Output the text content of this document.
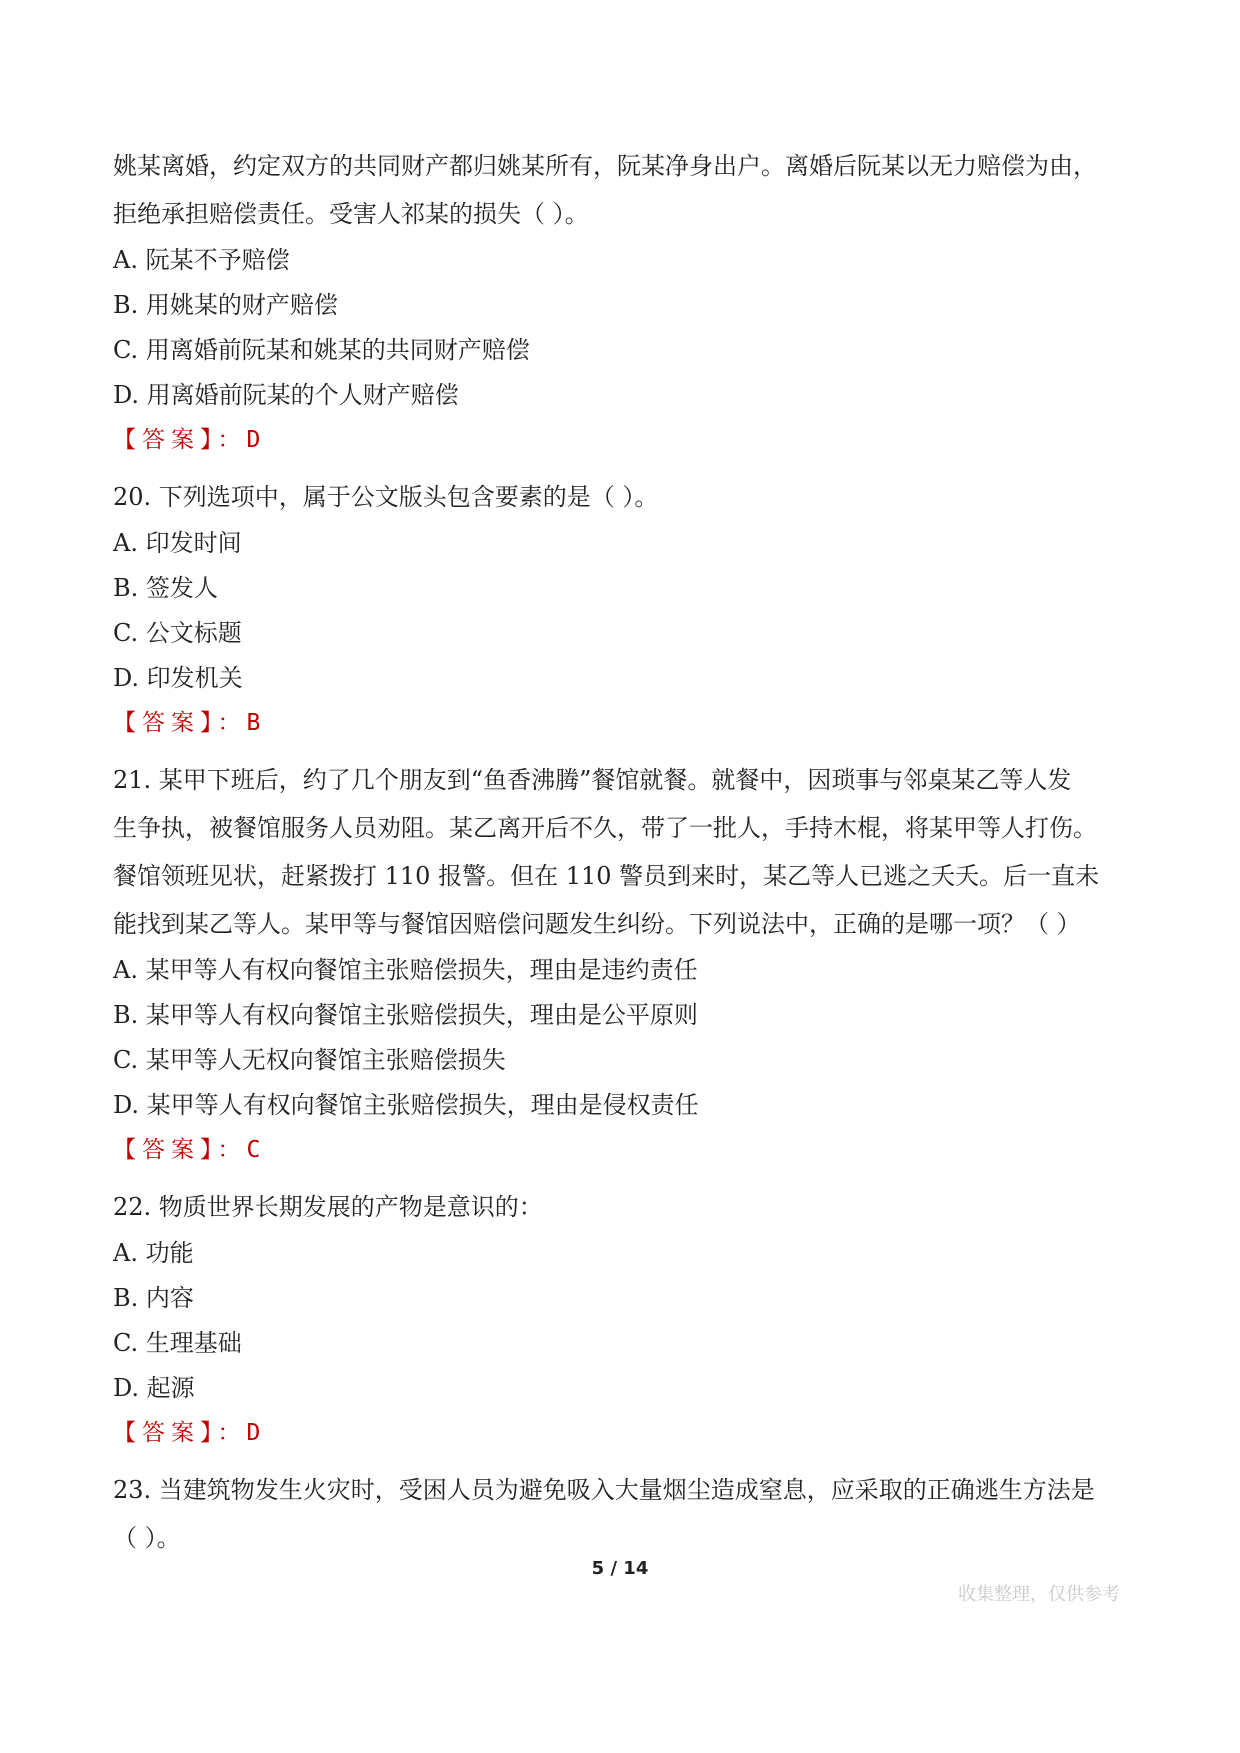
姚某离婚，约定双方的共同财产都归姚某所有，阮某净身出户。离婚后阮某以无力赔偿为由，
拒绝承担赔偿责任。受害人祁某的损失（ ）。
A. 阮某不予赔偿
B. 用姚某的财产赔偿
C. 用离婚前阮某和姚某的共同财产赔偿
D. 用离婚前阮某的个人财产赔偿
【答案】：D
20. 下列选项中，属于公文版头包含要素的是（ ）。
A. 印发时间
B. 签发人
C. 公文标题
D. 印发机关
【答案】：B
21. 某甲下班后，约了几个朋友到“鱼香沸腾”餐馆就餐。就餐中，因琐事与邻桌某乙等人发
生争执，被餐馆服务人员劝阻。某乙离开后不久，带了一批人，手持木棍，将某甲等人打伤。
餐馆领班见状，赶紧拨打 110 报警。但在 110 警员到来时，某乙等人已逃之夭夭。后一直未
能找到某乙等人。某甲等与餐馆因赔偿问题发生纠纷。下列说法中，正确的是哪一项？（ ）
A. 某甲等人有权向餐馆主张赔偿损失，理由是违约责任
B. 某甲等人有权向餐馆主张赔偿损失，理由是公平原则
C. 某甲等人无权向餐馆主张赔偿损失
D. 某甲等人有权向餐馆主张赔偿损失，理由是侵权责任
【答案】：C
22. 物质世界长期发展的产物是意识的：
A. 功能
B. 内容
C. 生理基础
D. 起源
【答案】：D
23. 当建筑物发生火灾时，受困人员为避免吸入大量烟尘造成窒息，应采取的正确逃生方法是
（ ）。
5 / 14
收集整理，仅供参考
